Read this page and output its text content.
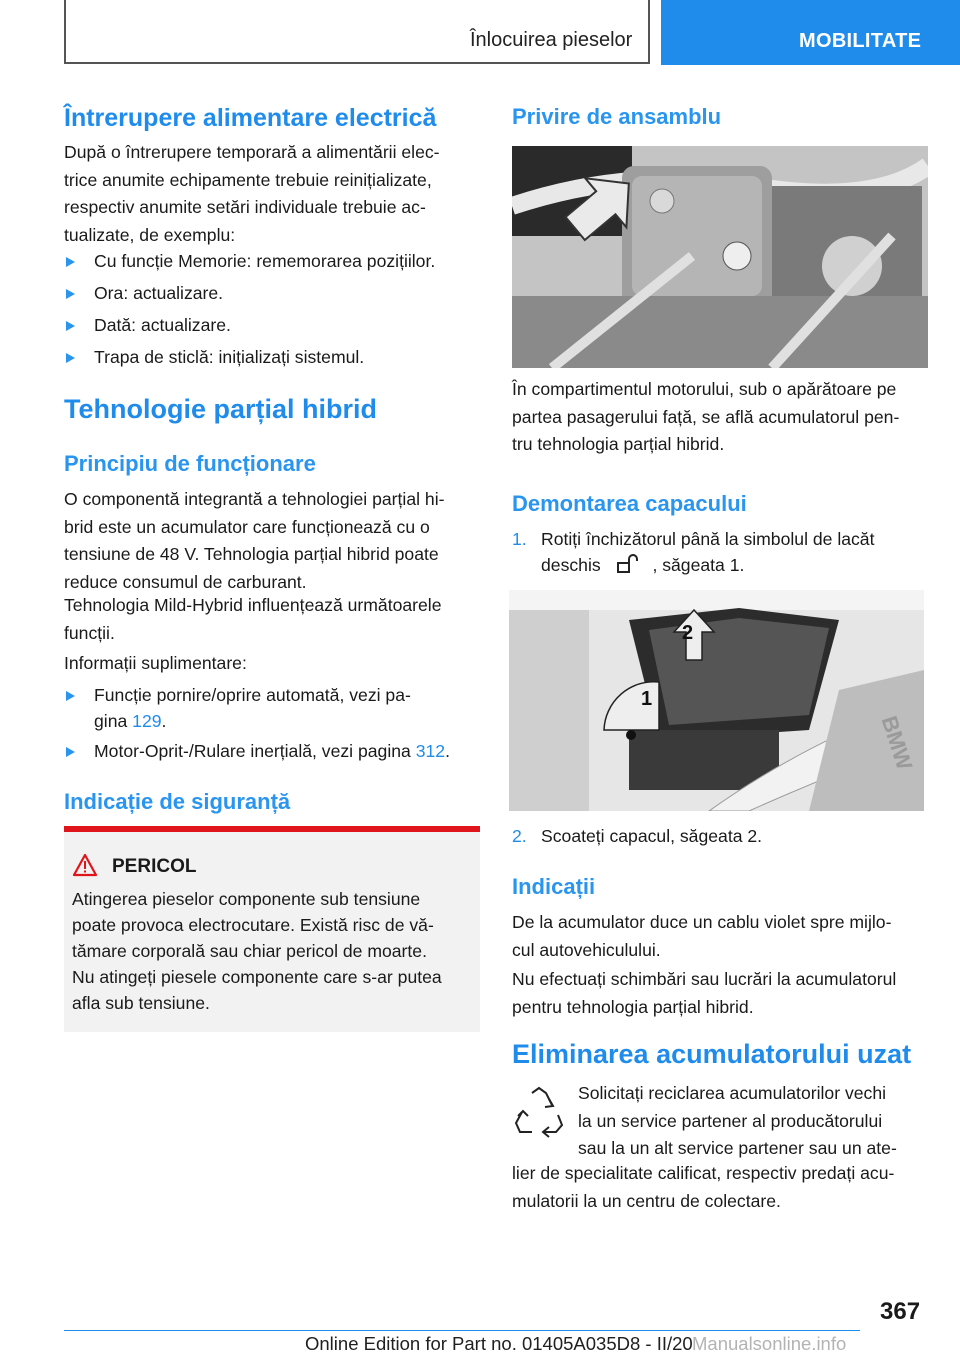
Înlocuirea pieselor	MOBILITATE
Întrerupere alimentare electrică
După o întrerupere temporară a alimentării elec-
trice anumite echipamente trebuie reinițializate,
respectiv anumite setări individuale trebuie ac-
tualizate, de exemplu:
Cu funcție Memorie: rememorarea pozițiilor.
Ora: actualizare.
Dată: actualizare.
Trapa de sticlă: inițializați sistemul.
Tehnologie parțial hibrid
Principiu de funcționare
O componentă integrantă a tehnologiei parțial hi-
brid este un acumulator care funcționează cu o
tensiune de 48 V. Tehnologia parțial hibrid poate
reduce consumul de carburant.
Tehnologia Mild-Hybrid influențează următoarele
funcții.
Informații suplimentare:
Funcție pornire/oprire automată, vezi pa-
gina 129.
Motor-Oprit-/Rulare inerțială, vezi pagina 312.
Indicație de siguranță
PERICOL
Atingerea pieselor componente sub tensiune
poate provoca electrocutare. Există risc de vă-
tămare corporală sau chiar pericol de moarte.
Nu atingeți piesele componente care s-ar putea
afla sub tensiune.
Privire de ansamblu
În compartimentul motorului, sub o apărătoare pe
partea pasagerului față, se află acumulatorul pen-
tru tehnologia parțial hibrid.
Demontarea capacului
1. Rotiți închizătorul până la simbolul de lacăt
deschis	, săgeata 1.
2
1
BMW
2. Scoateți capacul, săgeata 2.
Indicații
De la acumulator duce un cablu violet spre mijlo-
cul autovehiculului.
Nu efectuați schimbări sau lucrări la acumulatorul
pentru tehnologia parțial hibrid.
Eliminarea acumulatorului uzat
Solicitați reciclarea acumulatorilor vechi
la un service partener al producătorului
sau la un alt service partener sau un ate-
lier de specialitate calificat, respectiv predați acu-
mulatorii la un centru de colectare.
367
Online Edition for Part no. 01405A035D8 - II/20 Manualsonline.info
